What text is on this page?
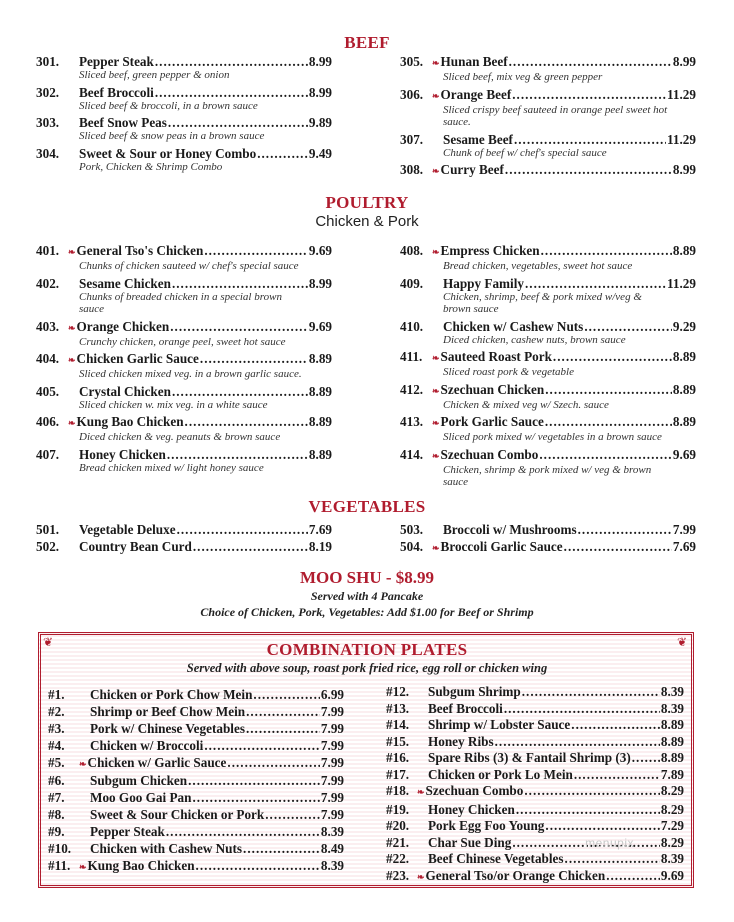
BEEF
301.	Pepper Steak .....	8.99
Sliced beef, green pepper & onion
302.	Beef Broccoli .....	8.99
Sliced beef & broccoli, in a brown sauce
303.	Beef Snow Peas .....	9.89
Sliced beef & snow peas in a brown sauce
304.	Sweet & Sour or Honey Combo .....	9.49
Pork, Chicken & Shrimp Combo
305. ❧ Hunan Beef .....	8.99
Sliced beef, mix veg & green pepper
306. ❧ Orange Beef .....	11.29
Sliced crispy beef sauteed in orange peel sweet hot
sauce.
307.	Sesame Beef .....	11.29
Chunk of beef w/ chef's special sauce
308. ❧ Curry Beef .....	8.99
POULTRY
Chicken & Pork
401. ❧ General Tso's Chicken .....	9.69
Chunks of chicken sauteed w/ chef's special sauce
402.	Sesame Chicken .....	8.99
Chunks of breaded chicken in a special brown
sauce
403. ❧ Orange Chicken .....	9.69
Crunchy chicken, orange peel, sweet hot sauce
404. ❧ Chicken Garlic Sauce .....	8.89
Sliced chicken mixed veg. in a brown garlic sauce.
405.	Crystal Chicken .....	8.89
Sliced chicken w. mix veg. in a white sauce
406. ❧ Kung Bao Chicken .....	8.89
Diced chicken & veg. peanuts & brown sauce
407.	Honey Chicken .....	8.89
Bread chicken mixed w/ light honey sauce
408. ❧ Empress Chicken .....	8.89
Bread chicken, vegetables, sweet hot sauce
409.	Happy Family .....	11.29
Chicken, shrimp, beef & pork mixed w/veg &
brown sauce
410.	Chicken w/ Cashew Nuts .....	9.29
Diced chicken, cashew nuts, brown sauce
411.	❧ Sauteed Roast Pork .....	8.89
Sliced roast pork & vegetable
412. ❧ Szechuan Chicken .....	8.89
Chicken & mixed veg w/ Szech. sauce
413. ❧ Pork Garlic Sauce .....	8.89
Sliced pork mixed w/ vegetables in a brown sauce
414. ❧ Szechuan Combo .....	9.69
Chicken, shrimp & pork mixed w/ veg & brown
sauce
VEGETABLES
501.	Vegetable Deluxe .....	7.69
502.	Country Bean Curd .....	8.19
503.	Broccoli w/ Mushrooms .....	7.99
504. ❧ Broccoli Garlic Sauce .....	7.69
MOO SHU - $8.99
Served with 4 Pancake
Choice of Chicken, Pork, Vegetables: Add $1.00 for Beef or Shrimp
❦	❦
COMBINATION PLATES
Served with above soup, roast pork fried rice, egg roll or chicken wing
#1.	Chicken or Pork Chow Mein .....	6.99
#2.	Shrimp or Beef Chow Mein .....	7.99
#3.	Pork w/ Chinese Vegetables .....	7.99
#4.	Chicken w/ Broccoli .....	7.99
#5.	❧ Chicken w/ Garlic Sauce .....	7.99
#6.	Subgum Chicken .....	7.99
#7.	Moo Goo Gai Pan .....	7.99
#8.	Sweet & Sour Chicken or Pork .....	7.99
#9.	Pepper Steak .....	8.39
#10.	Chicken with Cashew Nuts .....	8.49
#11. ❧ Kung Bao Chicken .....	8.39
#12.	Subgum Shrimp .....	8.39
#13.	Beef Broccoli .....	8.39
#14.	Shrimp w/ Lobster Sauce .....	8.89
#15.	Honey Ribs .....	8.89
#16.	Spare Ribs (3) & Fantail Shrimp (3) ..... 8.89
#17.	Chicken or Pork Lo Mein .....	7.89
#18. ❧ Szechuan Combo .....	8.29
#19.	Honey Chicken .....	8.29
#20.	Pork Egg Foo Young .....	7.29
#21.	Char Sue Ding .....	8.29
#22.	Beef Chinese Vegetables .....	8.39
#23. ❧ General Tso/or Orange Chicken .....	9.69
menupix
